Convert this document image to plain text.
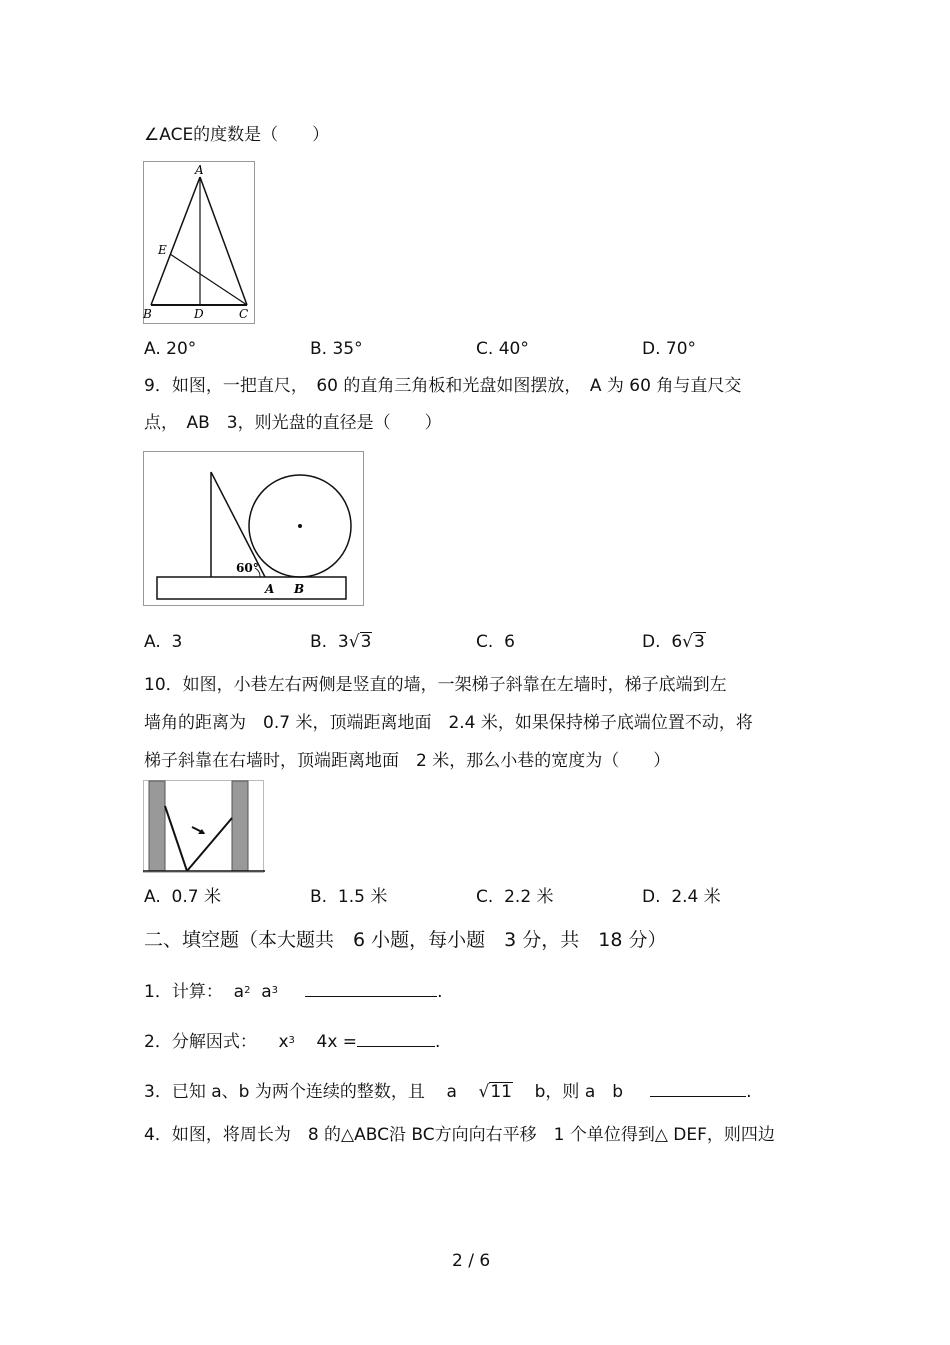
∠ACE的度数是（　　）
A
E
B	D	C
A. 20°	B. 35°	C. 40°	D. 70°
9．如图，一把直尺，　60 的直角三角板和光盘如图摆放，　A 为 60 角与直尺交
点，　AB　3，则光盘的直径是（　　）
60°
A B
A. 3	B. 3√3	C. 6	D. 6√3
10．如图，小巷左右两侧是竖直的墙，一架梯子斜靠在左墙时，梯子底端到左
墙角的距离为　0.7 米，顶端距离地面　2.4 米，如果保持梯子底端位置不动，将
梯子斜靠在右墙时，顶端距离地面　2 米，那么小巷的宽度为（　　）
A. 0.7 米	B. 1.5 米	C. 2.2 米	D. 2.4 米
二、填空题（本大题共　6 小题，每小题　3 分，共　18 分）
1．计算： $a^2$ $a^3$	.
2．分解因式： $x^3$ 4x =	.
3．已知 a、b 为两个连续的整数，且 a √11 b，则 a　b	.
4．如图，将周长为　8 的△ABC沿 BC方向向右平移　1 个单位得到△ DEF，则四边
2 / 6
